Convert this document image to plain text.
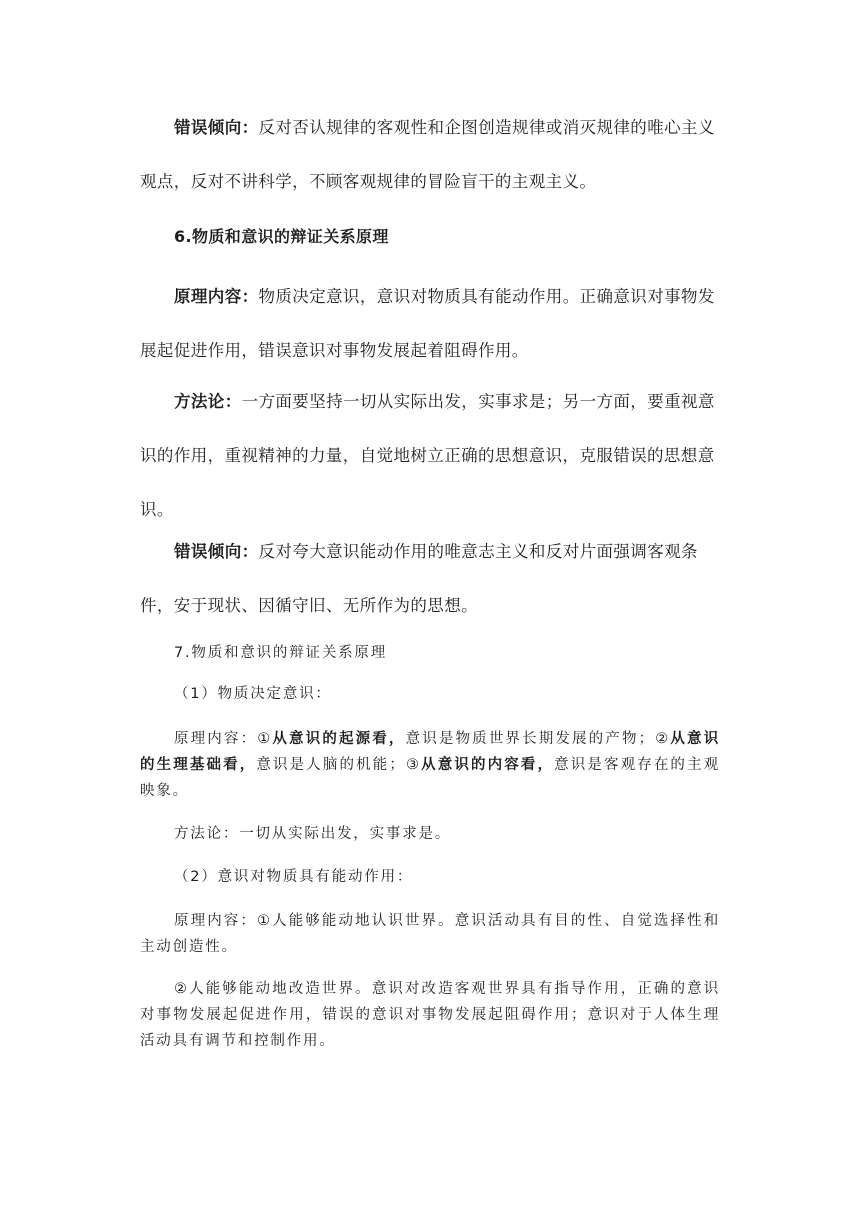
错误倾向：反对否认规律的客观性和企图创造规律或消灭规律的唯心主义观点，反对不讲科学，不顾客观规律的冒险盲干的主观主义。

6.物质和意识的辩证关系原理

原理内容：物质决定意识，意识对物质具有能动作用。正确意识对事物发展起促进作用，错误意识对事物发展起着阻碍作用。

方法论：一方面要坚持一切从实际出发，实事求是；另一方面，要重视意识的作用，重视精神的力量，自觉地树立正确的思想意识，克服错误的思想意识。

错误倾向：反对夸大意识能动作用的唯意志主义和反对片面强调客观条件，安于现状、因循守旧、无所作为的思想。

7.物质和意识的辩证关系原理

（1）物质决定意识：

原理内容：①从意识的起源看，意识是物质世界长期发展的产物；②从意识的生理基础看，意识是人脑的机能；③从意识的内容看，意识是客观存在的主观映象。

方法论：一切从实际出发，实事求是。

（2）意识对物质具有能动作用：

原理内容：①人能够能动地认识世界。意识活动具有目的性、自觉选择性和主动创造性。

②人能够能动地改造世界。意识对改造客观世界具有指导作用，正确的意识对事物发展起促进作用，错误的意识对事物发展起阻碍作用；意识对于人体生理活动具有调节和控制作用。
